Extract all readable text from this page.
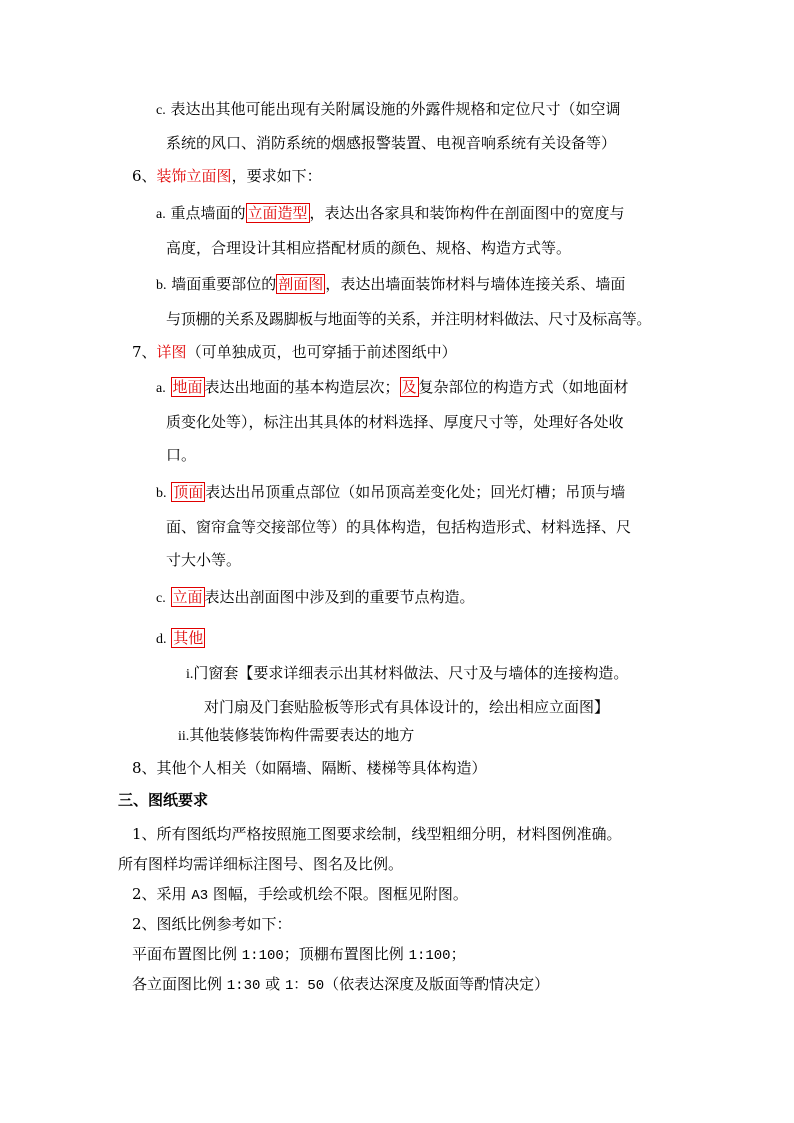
c. 表达出其他可能出现有关附属设施的外露件规格和定位尺寸（如空调
系统的风口、消防系统的烟感报警装置、电视音响系统有关设备等）
6、装饰立面图，要求如下：
a. 重点墙面的 立面造型 ，表达出各家具和装饰构件在剖面图中的宽度与
高度，合理设计其相应搭配材质的颜色、规格、构造方式等。
b. 墙面重要部位的 剖面图 ，表达出墙面装饰材料与墙体连接关系、墙面
与顶棚的关系及踢脚板与地面等的关系，并注明材料做法、尺寸及标高等。
7、详图（可单独成页，也可穿插于前述图纸中）
a. 地面 表达出地面的基本构造层次； 及 复杂部位的构造方式（如地面材
质变化处等），标注出其具体的材料选择、厚度尺寸等，处理好各处收
口。
b. 顶面 表达出吊顶重点部位（如吊顶高差变化处；回光灯槽；吊顶与墙
面、窗帘盒等交接部位等）的具体构造，包括构造形式、材料选择、尺
寸大小等。
c. 立面 表达出剖面图中涉及到的重要节点构造。
d. 其他
i.门窗套【要求详细表示出其材料做法、尺寸及与墙体的连接构造。
对门扇及门套贴脸板等形式有具体设计的，绘出相应立面图】
ii.其他装修装饰构件需要表达的地方
8、其他个人相关（如隔墙、隔断、楼梯等具体构造）
三、图纸要求
1、所有图纸均严格按照施工图要求绘制，线型粗细分明，材料图例准确。
所有图样均需详细标注图号、图名及比例。
2、采用 A3 图幅，手绘或机绘不限。图框见附图。
2、图纸比例参考如下：
平面布置图比例 1:100；顶棚布置图比例 1:100；
各立面图比例 1:30 或 1：50（依表达深度及版面等酌情决定）
